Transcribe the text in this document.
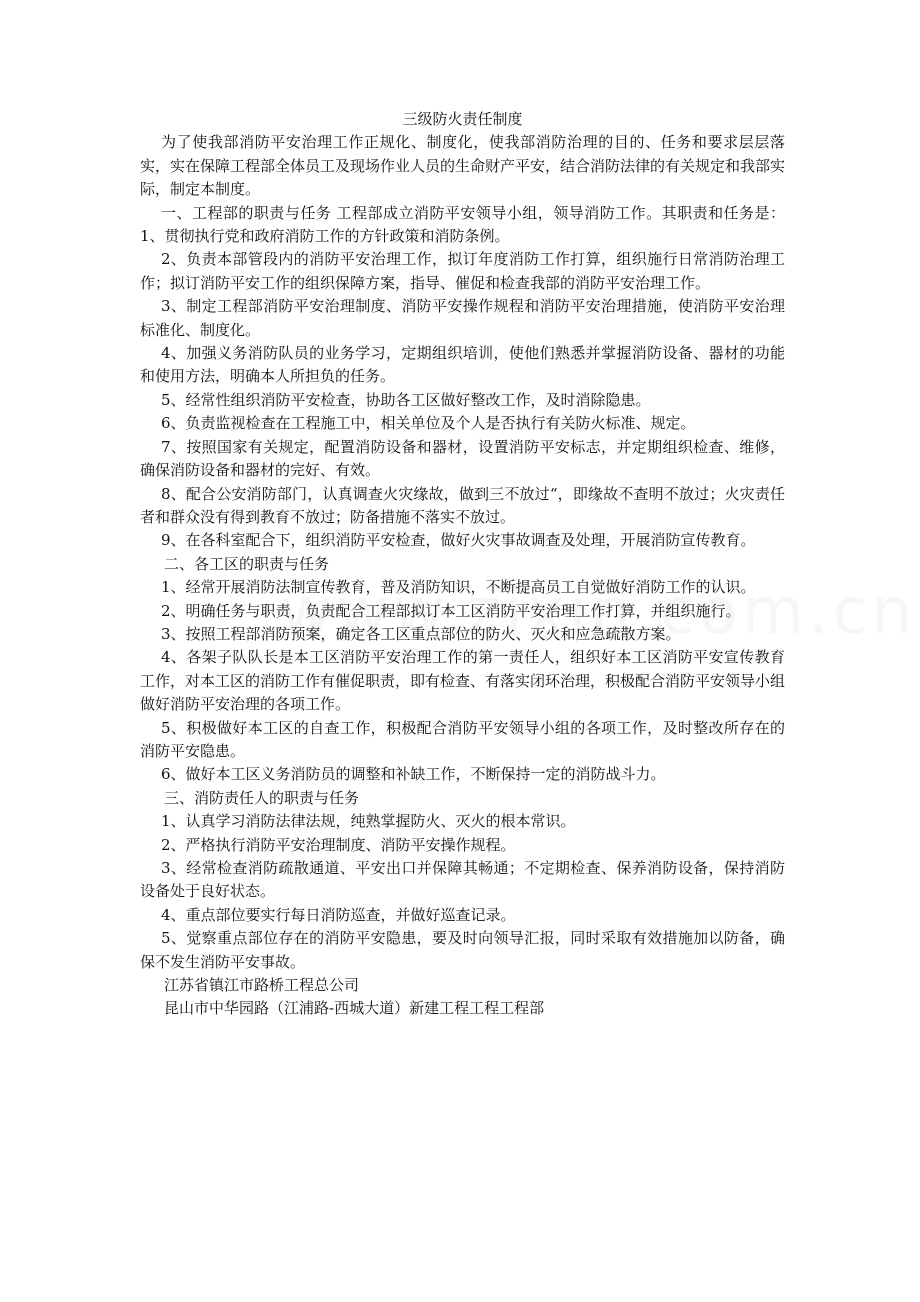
三级防火责任制度

为了使我部消防平安治理工作正规化、制度化，使我部消防治理的目的、任务和要求层层落实，实在保障工程部全体员工及现场作业人员的生命财产平安，结合消防法律的有关规定和我部实际，制定本制度。

一、工程部的职责与任务 工程部成立消防平安领导小组，领导消防工作。其职责和任务是： 1、贯彻执行党和政府消防工作的方针政策和消防条例。

2、负责本部管段内的消防平安治理工作，拟订年度消防工作打算，组织施行日常消防治理工作；拟订消防平安工作的组织保障方案，指导、催促和检查我部的消防平安治理工作。

3、制定工程部消防平安治理制度、消防平安操作规程和消防平安治理措施，使消防平安治理标准化、制度化。

4、加强义务消防队员的业务学习，定期组织培训，使他们熟悉并掌握消防设备、器材的功能和使用方法，明确本人所担负的任务。

5、经常性组织消防平安检查，协助各工区做好整改工作，及时消除隐患。

6、负责监视检查在工程施工中，相关单位及个人是否执行有关防火标准、规定。

7、按照国家有关规定，配置消防设备和器材，设置消防平安标志，并定期组织检查、维修，确保消防设备和器材的完好、有效。

8、配合公安消防部门，认真调查火灾缘故，做到三不放过“，即缘故不查明不放过；火灾责任者和群众没有得到教育不放过；防备措施不落实不放过。

9、在各科室配合下，组织消防平安检查，做好火灾事故调查及处理，开展消防宣传教育。

二、各工区的职责与任务

1、经常开展消防法制宣传教育，普及消防知识，不断提高员工自觉做好消防工作的认识。

2、明确任务与职责，负责配合工程部拟订本工区消防平安治理工作打算，并组织施行。

3、按照工程部消防预案，确定各工区重点部位的防火、灭火和应急疏散方案。

4、各架子队队长是本工区消防平安治理工作的第一责任人，组织好本工区消防平安宣传教育工作，对本工区的消防工作有催促职责，即有检查、有落实闭环治理，积极配合消防平安领导小组做好消防平安治理的各项工作。

5、积极做好本工区的自查工作，积极配合消防平安领导小组的各项工作，及时整改所存在的消防平安隐患。

6、做好本工区义务消防员的调整和补缺工作，不断保持一定的消防战斗力。

三、消防责任人的职责与任务

1、认真学习消防法律法规，纯熟掌握防火、灭火的根本常识。

2、严格执行消防平安治理制度、消防平安操作规程。

3、经常检查消防疏散通道、平安出口并保障其畅通；不定期检查、保养消防设备，保持消防设备处于良好状态。

4、重点部位要实行每日消防巡查，并做好巡查记录。

5、觉察重点部位存在的消防平安隐患，要及时向领导汇报，同时采取有效措施加以防备，确保不发生消防平安事故。

江苏省镇江市路桥工程总公司

昆山市中华园路（江浦路-西城大道）新建工程工程工程部
